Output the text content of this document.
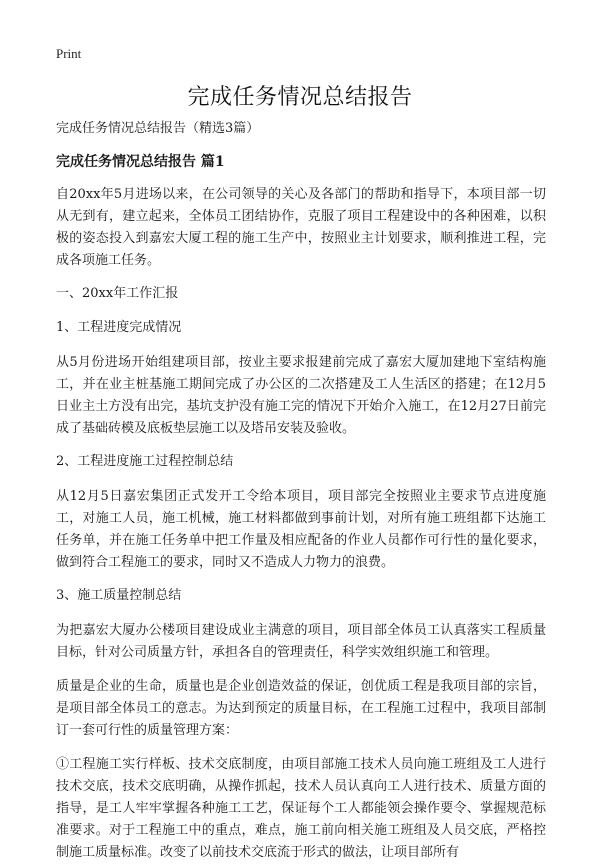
Print
完成任务情况总结报告

完成任务情况总结报告（精选3篇）

完成任务情况总结报告 篇1

自20xx年5月进场以来，在公司领导的关心及各部门的帮助和指导下，本项目部一切从无到有，建立起来，全体员工团结协作，克服了项目工程建设中的各种困难，以积极的姿态投入到嘉宏大厦工程的施工生产中，按照业主计划要求，顺利推进工程，完成各项施工任务。

一、20xx年工作汇报

1、工程进度完成情况

从5月份进场开始组建项目部，按业主要求报建前完成了嘉宏大厦加建地下室结构施工，并在业主桩基施工期间完成了办公区的二次搭建及工人生活区的搭建；在12月5日业主土方没有出完，基坑支护没有施工完的情况下开始介入施工，在12月27日前完成了基础砖模及底板垫层施工以及塔吊安装及验收。

2、工程进度施工过程控制总结

从12月5日嘉宏集团正式发开工令给本项目，项目部完全按照业主要求节点进度施工，对施工人员，施工机械，施工材料都做到事前计划，对所有施工班组都下达施工任务单，并在施工任务单中把工作量及相应配备的作业人员都作可行性的量化要求，做到符合工程施工的要求，同时又不造成人力物力的浪费。

3、施工质量控制总结

为把嘉宏大厦办公楼项目建设成业主满意的项目，项目部全体员工认真落实工程质量目标，针对公司质量方针，承担各自的管理责任，科学实效组织施工和管理。

质量是企业的生命，质量也是企业创造效益的保证，创优质工程是我项目部的宗旨，是项目部全体员工的意志。为达到预定的质量目标，在工程施工过程中，我项目部制订一套可行性的质量管理方案：

①工程施工实行样板、技术交底制度，由项目部施工技术人员向施工班组及工人进行技术交底，技术交底明确，从操作抓起，技术人员认真向工人进行技术、质量方面的指导，是工人牢牢掌握各种施工工艺，保证每个工人都能领会操作要令、掌握规范标准要求。对于工程施工中的重点，难点，施工前向相关施工班组及人员交底，严格控制施工质量标准。改变了以前技术交底流于形式的做法，让项目部所有
